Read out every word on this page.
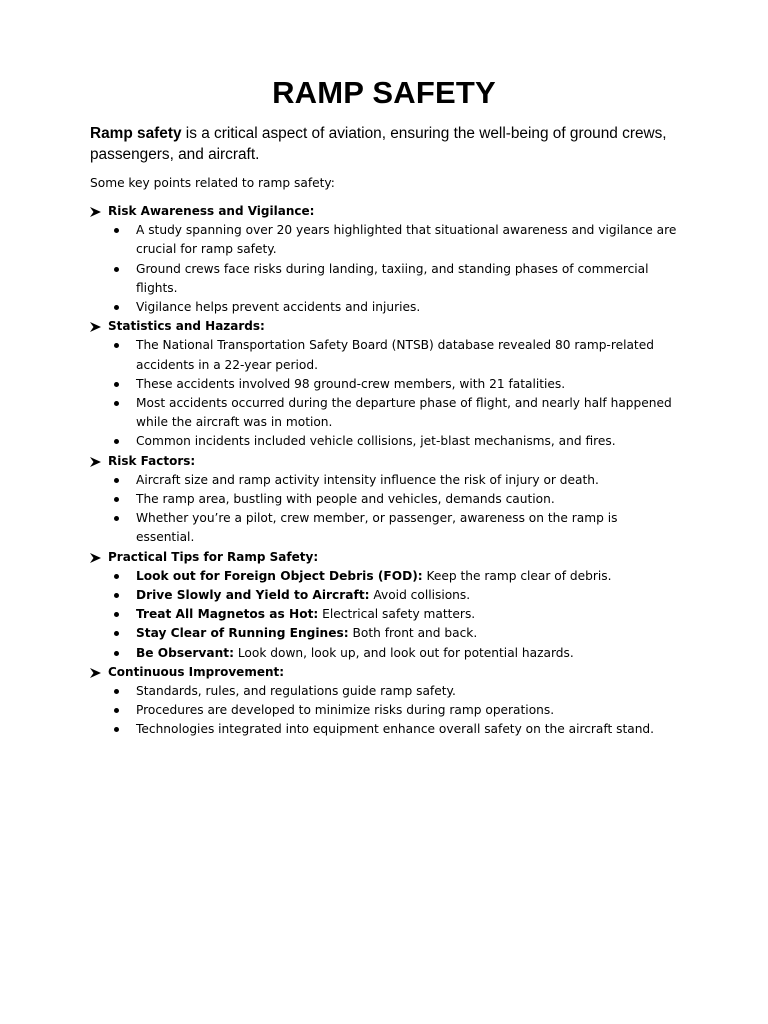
RAMP SAFETY

Ramp safety is a critical aspect of aviation, ensuring the well-being of ground crews, passengers, and aircraft.

Some key points related to ramp safety:

Risk Awareness and Vigilance:
A study spanning over 20 years highlighted that situational awareness and vigilance are crucial for ramp safety.
Ground crews face risks during landing, taxiing, and standing phases of commercial flights.
Vigilance helps prevent accidents and injuries.
Statistics and Hazards:
The National Transportation Safety Board (NTSB) database revealed 80 ramp-related accidents in a 22-year period.
These accidents involved 98 ground-crew members, with 21 fatalities.
Most accidents occurred during the departure phase of flight, and nearly half happened while the aircraft was in motion.
Common incidents included vehicle collisions, jet-blast mechanisms, and fires.
Risk Factors:
Aircraft size and ramp activity intensity influence the risk of injury or death.
The ramp area, bustling with people and vehicles, demands caution.
Whether you’re a pilot, crew member, or passenger, awareness on the ramp is essential.
Practical Tips for Ramp Safety:
Look out for Foreign Object Debris (FOD): Keep the ramp clear of debris.
Drive Slowly and Yield to Aircraft: Avoid collisions.
Treat All Magnetos as Hot: Electrical safety matters.
Stay Clear of Running Engines: Both front and back.
Be Observant: Look down, look up, and look out for potential hazards.
Continuous Improvement:
Standards, rules, and regulations guide ramp safety.
Procedures are developed to minimize risks during ramp operations.
Technologies integrated into equipment enhance overall safety on the aircraft stand.
